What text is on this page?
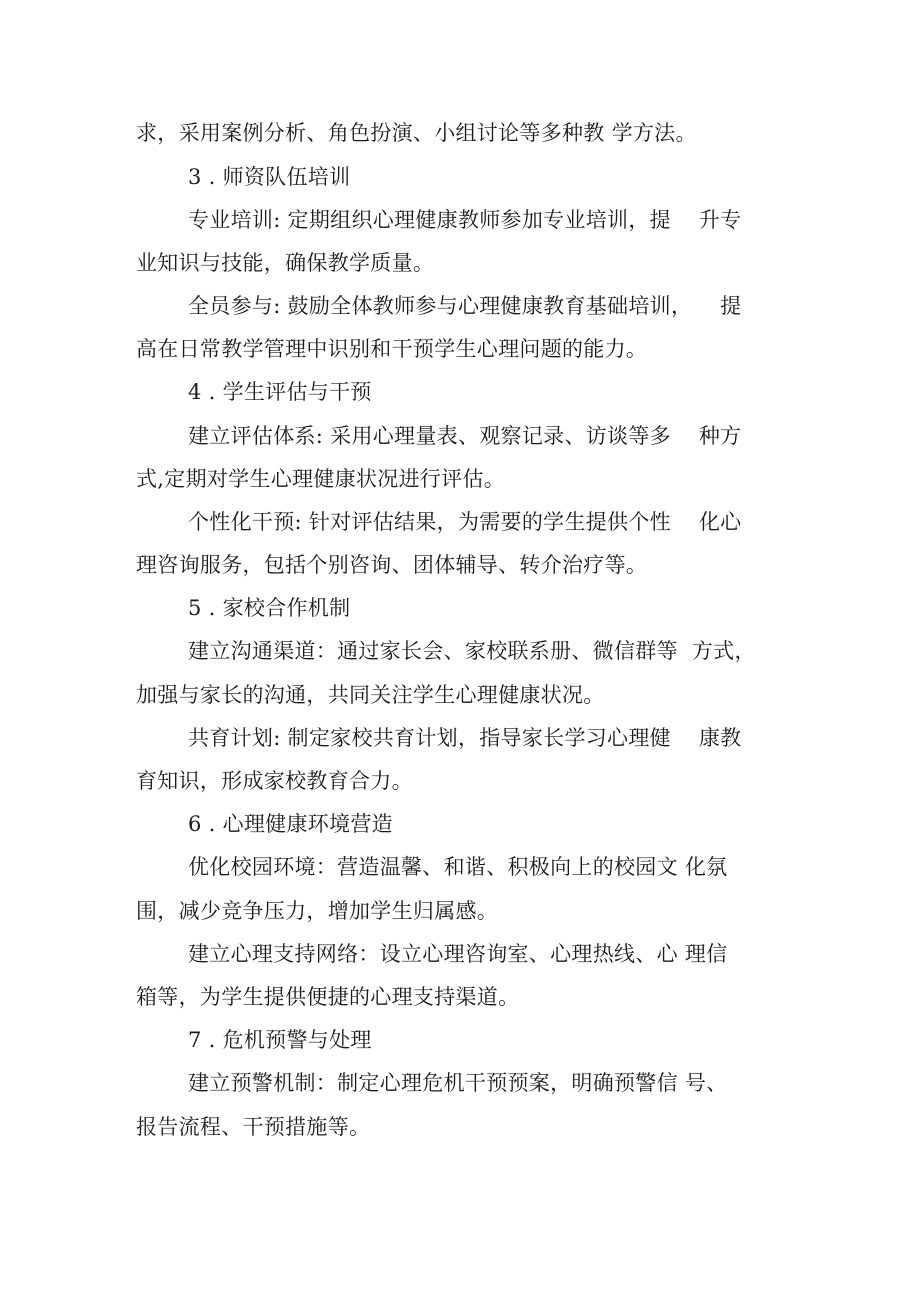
求，采用案例分析、角色扮演、小组讨论等多种教 学方法。
3 . 师资队伍培训
专业培训: 定期组织心理健康教师参加专业培训，提    升专
业知识与技能，确保教学质量。
全员参与: 鼓励全体教师参与心理健康教育基础培训，    提
高在日常教学管理中识别和干预学生心理问题的能力。
4 . 学生评估与干预
建立评估体系: 采用心理量表、观察记录、访谈等多    种方
式,定期对学生心理健康状况进行评估。
个性化干预: 针对评估结果，为需要的学生提供个性    化心
理咨询服务，包括个别咨询、团体辅导、转介治疗等。
5 . 家校合作机制
建立沟通渠道：通过家长会、家校联系册、微信群等  方式，
加强与家长的沟通，共同关注学生心理健康状况。
共育计划: 制定家校共育计划，指导家长学习心理健    康教
育知识，形成家校教育合力。
6 . 心理健康环境营造
优化校园环境：营造温馨、和谐、积极向上的校园文 化氛
围，减少竞争压力，增加学生归属感。
建立心理支持网络：设立心理咨询室、心理热线、心 理信
箱等，为学生提供便捷的心理支持渠道。
7 . 危机预警与处理
建立预警机制：制定心理危机干预预案，明确预警信 号、
报告流程、干预措施等。
